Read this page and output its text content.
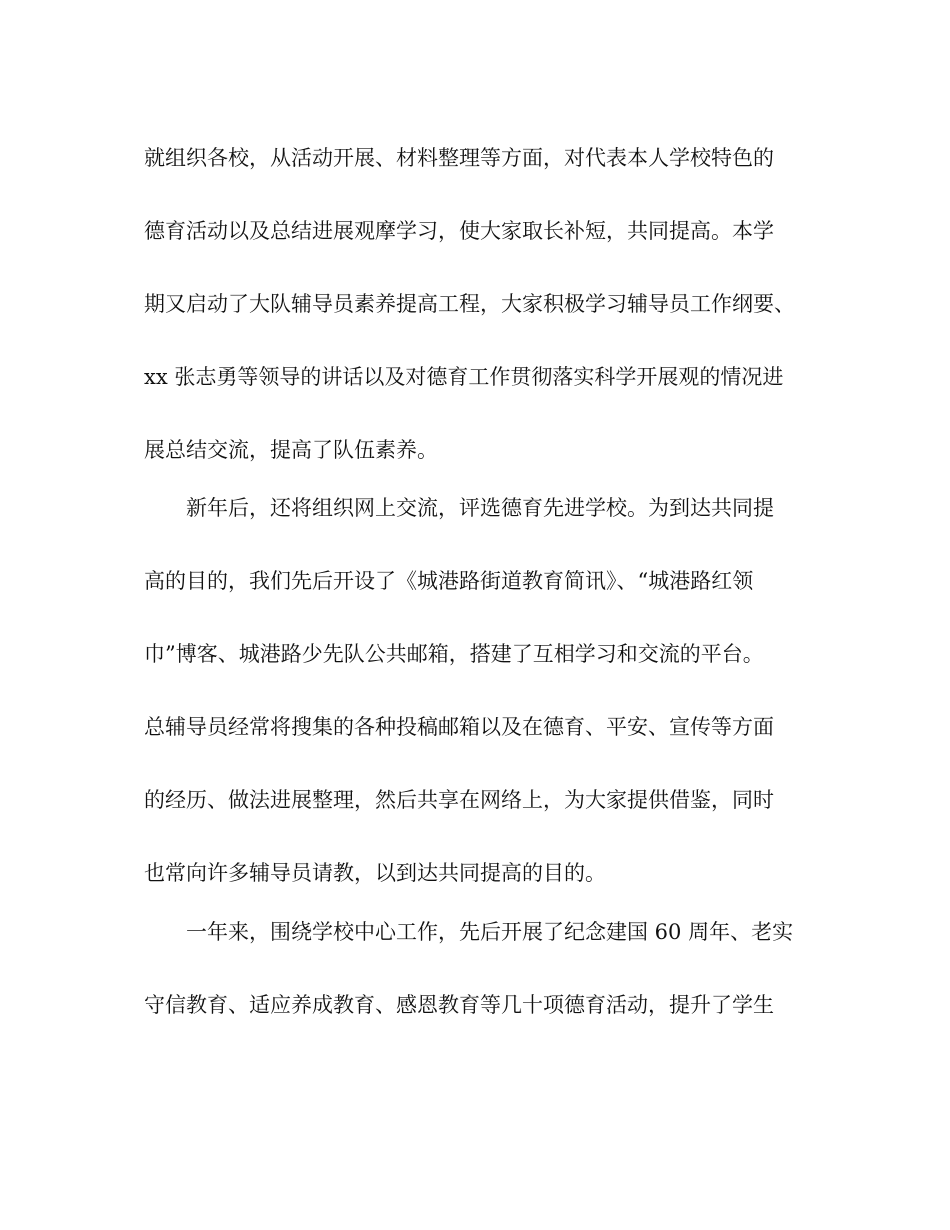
就组织各校，从活动开展、材料整理等方面，对代表本人学校特色的
德育活动以及总结进展观摩学习，使大家取长补短，共同提高。本学
期又启动了大队辅导员素养提高工程，大家积极学习辅导员工作纲要、
xx 张志勇等领导的讲话以及对德育工作贯彻落实科学开展观的情况进
展总结交流，提高了队伍素养。
新年后，还将组织网上交流，评选德育先进学校。为到达共同提
高的目的，我们先后开设了《城港路街道教育简讯》、“城港路红领
巾”博客、城港路少先队公共邮箱，搭建了互相学习和交流的平台。
总辅导员经常将搜集的各种投稿邮箱以及在德育、平安、宣传等方面
的经历、做法进展整理，然后共享在网络上，为大家提供借鉴，同时
也常向许多辅导员请教，以到达共同提高的目的。
一年来，围绕学校中心工作，先后开展了纪念建国 60 周年、老实
守信教育、适应养成教育、感恩教育等几十项德育活动，提升了学生
